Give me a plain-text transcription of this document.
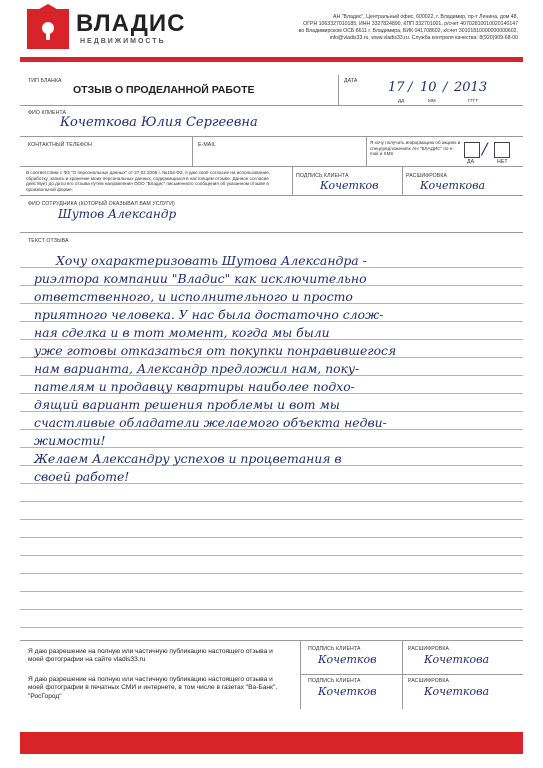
ВЛАДИС
НЕДВИЖИМОСТЬ
АН "Владис", Центральный офис, 600022, г. Владимир, пр-т Ленина, дом 48,
ОГРН 1063327010185, ИНН 3327824890, КПП 332701001, р/счет 40702810010020140147
во Владимирском ОСБ 8611 г. Владимира, БИК 041708602, к/счет 30101810000000000602,
info@vladis33.ru, www.vladis33.ru. Служба контроля качества: 8(920)909-68-00
ТИП БЛАНКА
ОТЗЫВ О ПРОДЕЛАННОЙ РАБОТЕ
ДАТА 17 / 10 / 2013
ДД	ММ	ГГГГ
ФИО КЛИЕНТА
Кочеткова Юлия Сергеевна
КОНТАКТНЫЙ ТЕЛЕФОН	E-MAIL	Я хочу получать информацию об акциях и спецпредложениях АН "ВЛАДИС" по e-mail и SMS	/
ДА	НЕТ
В соответствии с ФЗ "О персональных данных" от 27.02.2006 г. №152-ФЗ, я даю своё согласие на использование, обработку, запись и хранение моих персональных данных, содержащихся в настоящем отзыве. Данное согласие действует до даты его отзыва путем направления ООО "Владис" письменного сообщения об указанном отзыве в произвольной форме.
ПОДПИСЬ КЛИЕНТА
Кочетков
РАСШИФРОВКА
Кочеткова
ФИО СОТРУДНИКА (КОТОРЫЙ ОКАЗЫВАЛ ВАМ УСЛУГИ)
Шутов Александр
ТЕКСТ ОТЗЫВА
Хочу охарактеризовать Шутова Александра -
риэлтора компании "Владис" как исключительно
ответственного, и исполнительного и просто
приятного человека. У нас была достаточно слож-
ная сделка и в тот момент, когда мы были
уже готовы отказаться от покупки понравившегося
нам варианта, Александр предложил нам, поку-
пателям и продавцу квартиры наиболее подхо-
дящий вариант решения проблемы и вот мы
счастливые обладатели желаемого объекта недви-
жимости!
Желаем Александру успехов и процветания в
своей работе!
Я даю разрешение на полную или частичную публикацию настоящего отзыва и моей фотографии на сайте vladis33.ru
ПОДПИСЬ КЛИЕНТА
Кочетков
РАСШИФРОВКА
Кочеткова
Я даю разрешение на полную или частичную публикацию настоящего отзыва и моей фотографии в печатных СМИ и интернете, в том числе в газетах "Ва-Банк", "РосГород"
ПОДПИСЬ КЛИЕНТА
Кочетков
РАСШИФРОВКА
Кочеткова
